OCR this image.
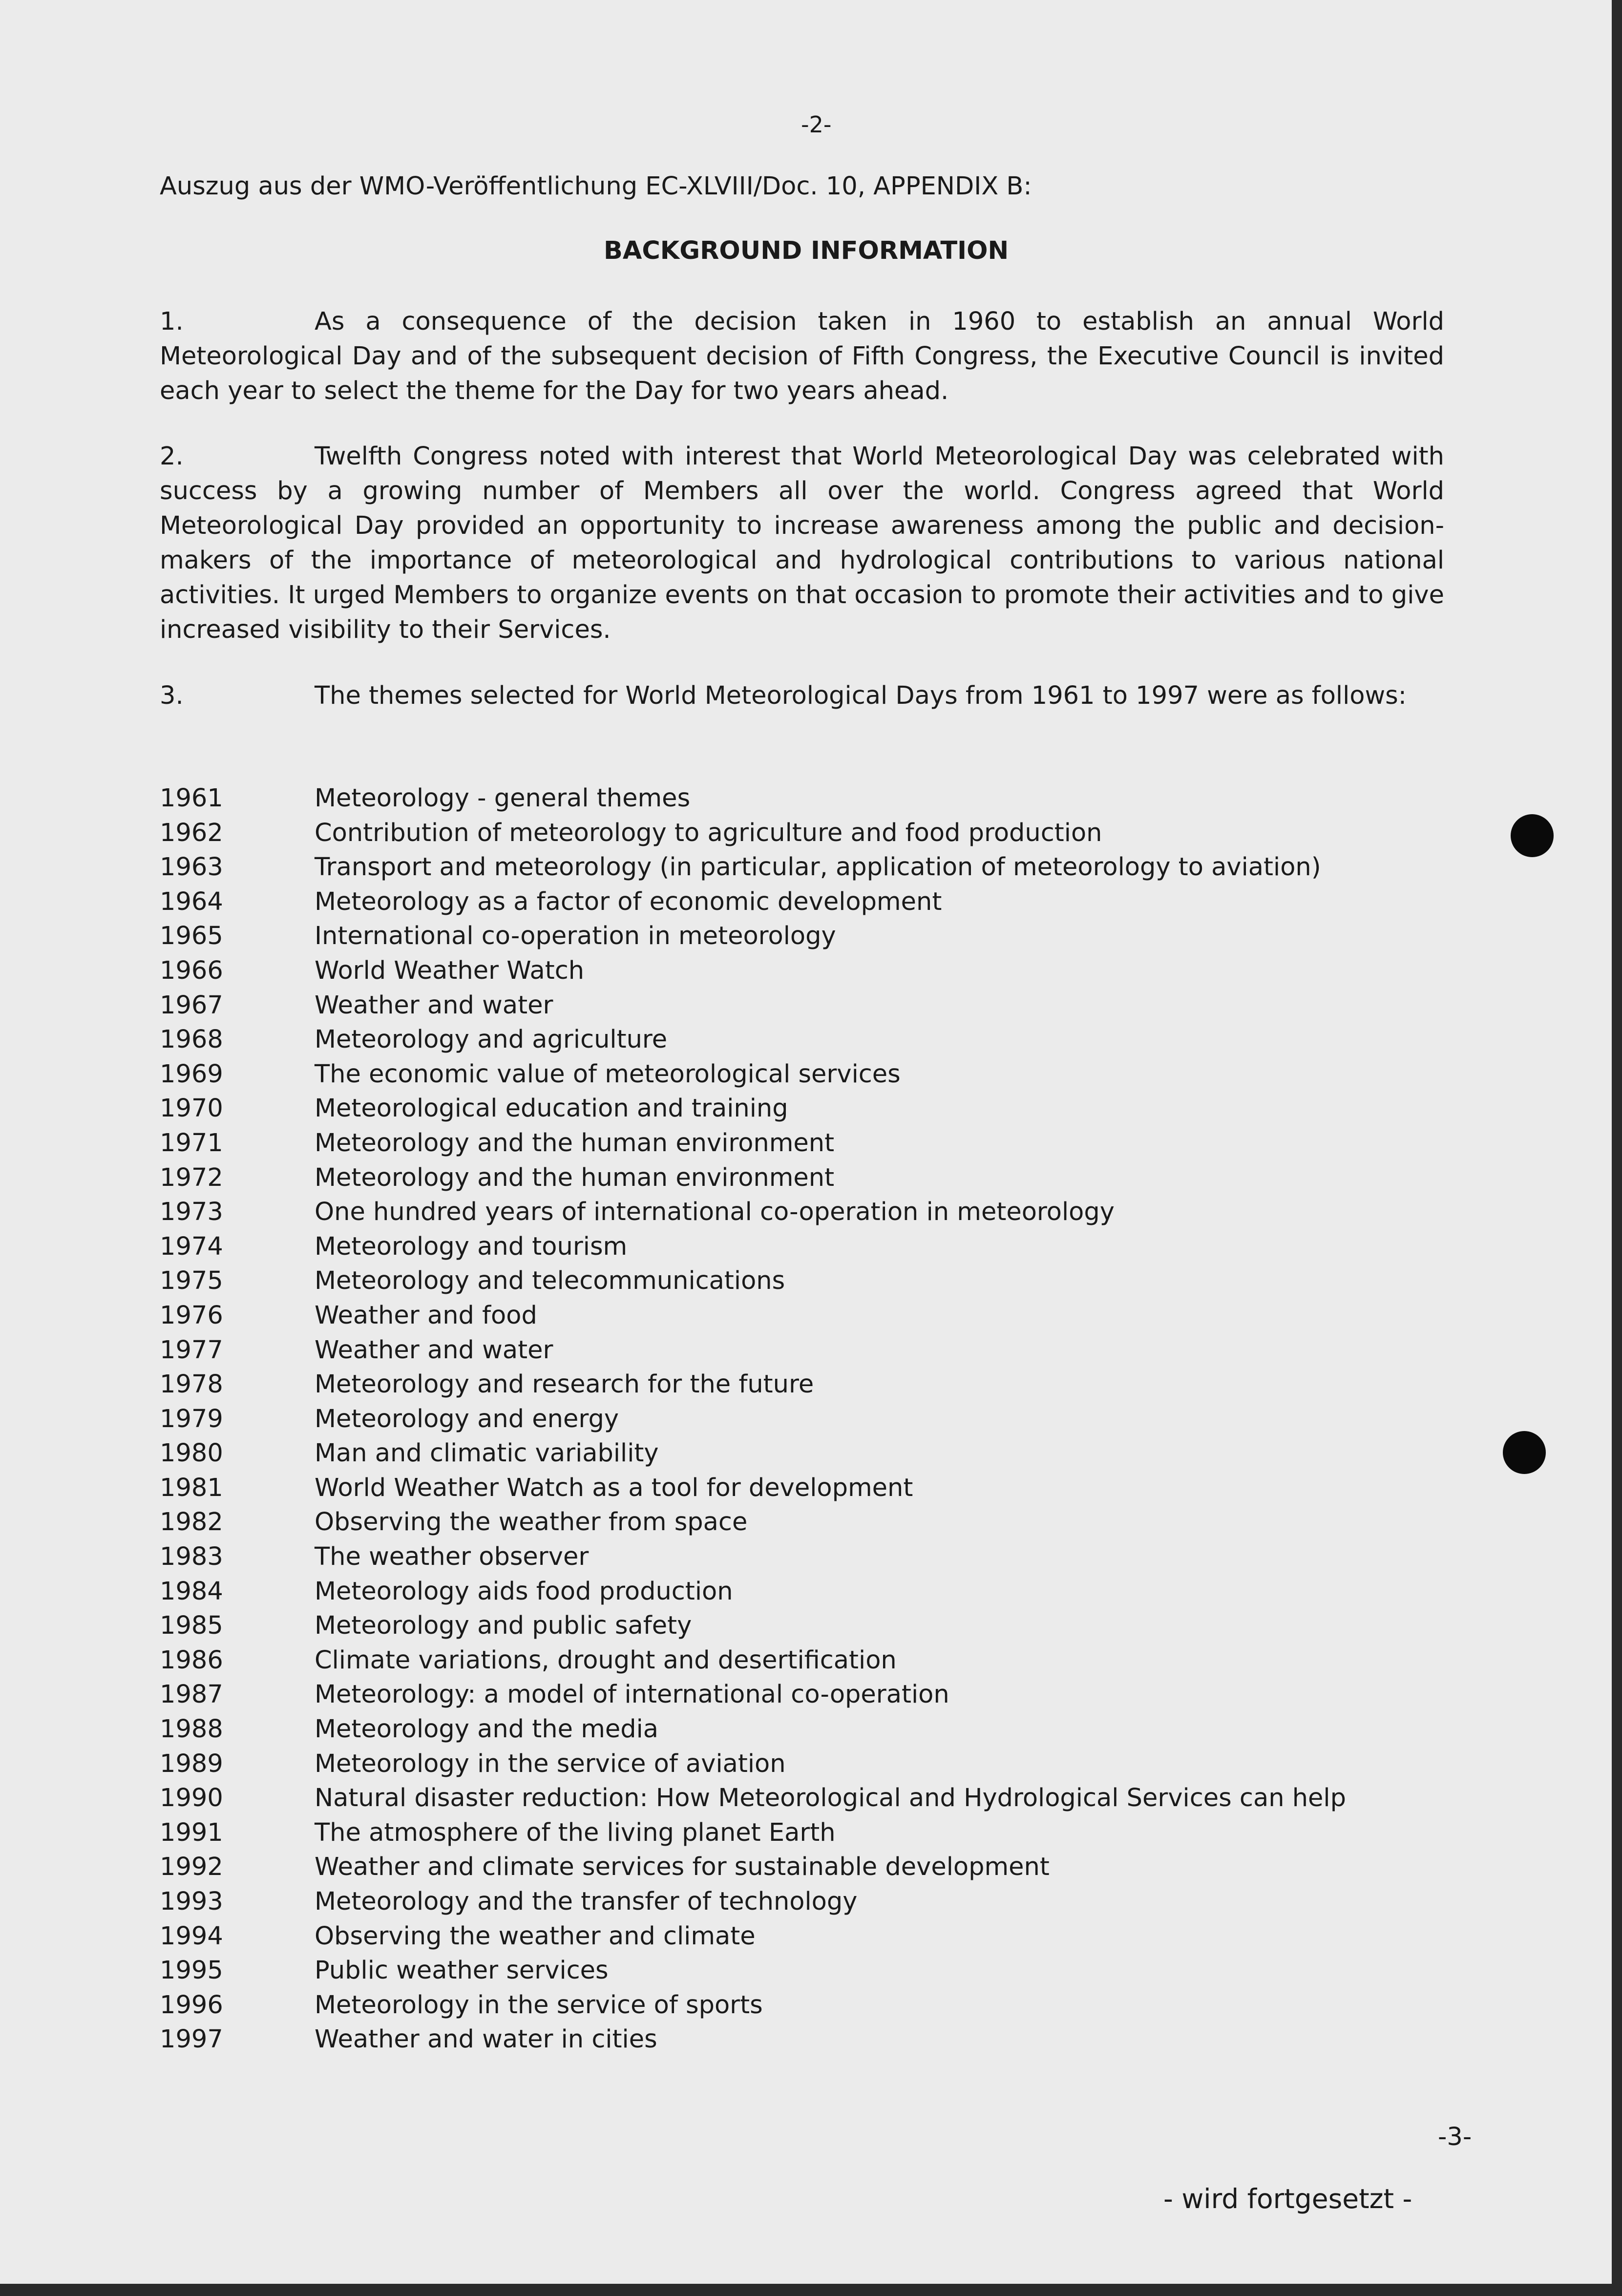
-2-
Auszug aus der WMO-Veröffentlichung EC-XLVIII/Doc. 10, APPENDIX B:
BACKGROUND INFORMATION
1.	As a consequence of the decision taken in 1960 to establish an annual World Meteorological Day and of the subsequent decision of Fifth Congress, the Executive Council is invited each year to select the theme for the Day for two years ahead.
2.	Twelfth Congress noted with interest that World Meteorological Day was celebrated with success by a growing number of Members all over the world. Congress agreed that World Meteorological Day provided an opportunity to increase awareness among the public and decision-makers of the importance of meteorological and hydrological contributions to various national activities. It urged Members to organize events on that occasion to promote their activities and to give increased visibility to their Services.
3.	The themes selected for World Meteorological Days from 1961 to 1997 were as follows:
1961	Meteorology - general themes
1962	Contribution of meteorology to agriculture and food production
1963	Transport and meteorology (in particular, application of meteorology to aviation)
1964	Meteorology as a factor of economic development
1965	International co-operation in meteorology
1966	World Weather Watch
1967	Weather and water
1968	Meteorology and agriculture
1969	The economic value of meteorological services
1970	Meteorological education and training
1971	Meteorology and the human environment
1972	Meteorology and the human environment
1973	One hundred years of international co-operation in meteorology
1974	Meteorology and tourism
1975	Meteorology and telecommunications
1976	Weather and food
1977	Weather and water
1978	Meteorology and research for the future
1979	Meteorology and energy
1980	Man and climatic variability
1981	World Weather Watch as a tool for development
1982	Observing the weather from space
1983	The weather observer
1984	Meteorology aids food production
1985	Meteorology and public safety
1986	Climate variations, drought and desertification
1987	Meteorology: a model of international co-operation
1988	Meteorology and the media
1989	Meteorology in the service of aviation
1990	Natural disaster reduction: How Meteorological and Hydrological Services can help
1991	The atmosphere of the living planet Earth
1992	Weather and climate services for sustainable development
1993	Meteorology and the transfer of technology
1994	Observing the weather and climate
1995	Public weather services
1996	Meteorology in the service of sports
1997	Weather and water in cities
-3-
- wird fortgesetzt -
